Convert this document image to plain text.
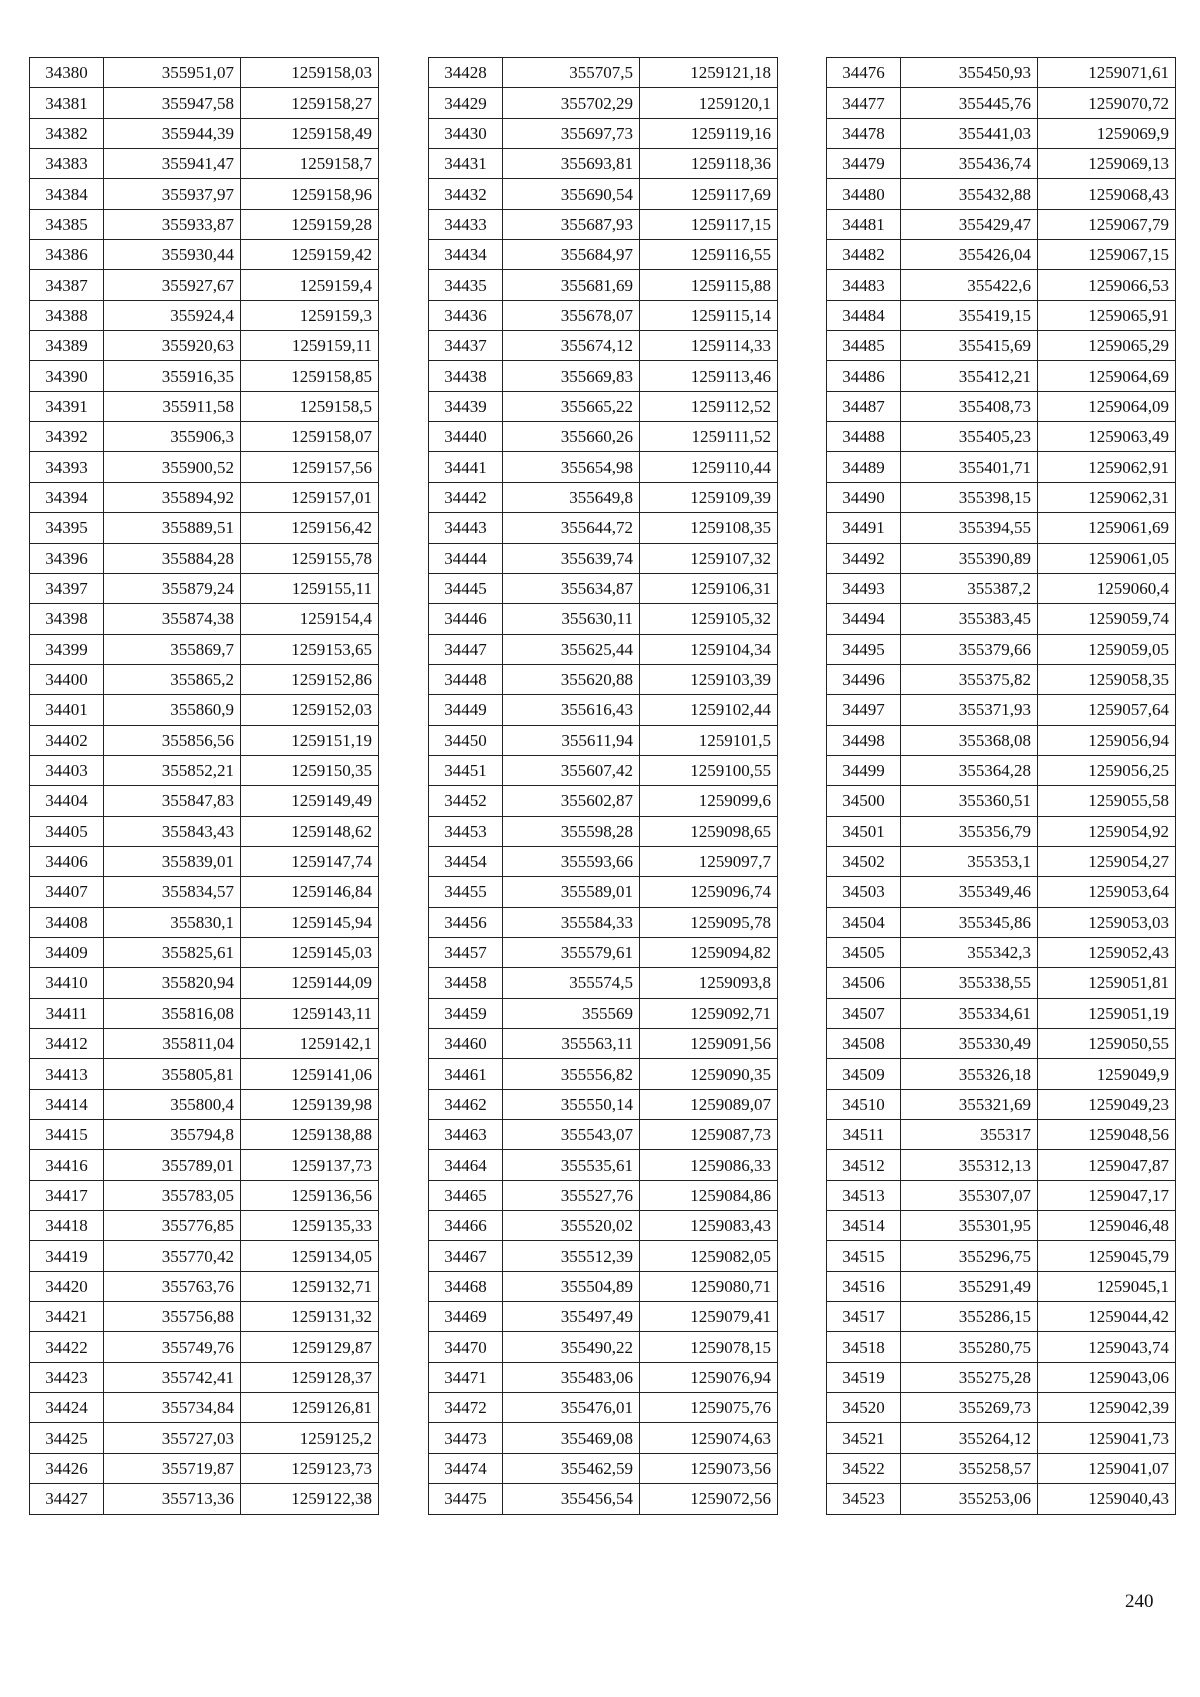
34380	355951,07	1259158,03
34381	355947,58	1259158,27
34382	355944,39	1259158,49
34383	355941,47	1259158,7
34384	355937,97	1259158,96
34385	355933,87	1259159,28
34386	355930,44	1259159,42
34387	355927,67	1259159,4
34388	355924,4	1259159,3
34389	355920,63	1259159,11
34390	355916,35	1259158,85
34391	355911,58	1259158,5
34392	355906,3	1259158,07
34393	355900,52	1259157,56
34394	355894,92	1259157,01
34395	355889,51	1259156,42
34396	355884,28	1259155,78
34397	355879,24	1259155,11
34398	355874,38	1259154,4
34399	355869,7	1259153,65
34400	355865,2	1259152,86
34401	355860,9	1259152,03
34402	355856,56	1259151,19
34403	355852,21	1259150,35
34404	355847,83	1259149,49
34405	355843,43	1259148,62
34406	355839,01	1259147,74
34407	355834,57	1259146,84
34408	355830,1	1259145,94
34409	355825,61	1259145,03
34410	355820,94	1259144,09
34411	355816,08	1259143,11
34412	355811,04	1259142,1
34413	355805,81	1259141,06
34414	355800,4	1259139,98
34415	355794,8	1259138,88
34416	355789,01	1259137,73
34417	355783,05	1259136,56
34418	355776,85	1259135,33
34419	355770,42	1259134,05
34420	355763,76	1259132,71
34421	355756,88	1259131,32
34422	355749,76	1259129,87
34423	355742,41	1259128,37
34424	355734,84	1259126,81
34425	355727,03	1259125,2
34426	355719,87	1259123,73
34427	355713,36	1259122,38
34428	355707,5	1259121,18
34429	355702,29	1259120,1
34430	355697,73	1259119,16
34431	355693,81	1259118,36
34432	355690,54	1259117,69
34433	355687,93	1259117,15
34434	355684,97	1259116,55
34435	355681,69	1259115,88
34436	355678,07	1259115,14
34437	355674,12	1259114,33
34438	355669,83	1259113,46
34439	355665,22	1259112,52
34440	355660,26	1259111,52
34441	355654,98	1259110,44
34442	355649,8	1259109,39
34443	355644,72	1259108,35
34444	355639,74	1259107,32
34445	355634,87	1259106,31
34446	355630,11	1259105,32
34447	355625,44	1259104,34
34448	355620,88	1259103,39
34449	355616,43	1259102,44
34450	355611,94	1259101,5
34451	355607,42	1259100,55
34452	355602,87	1259099,6
34453	355598,28	1259098,65
34454	355593,66	1259097,7
34455	355589,01	1259096,74
34456	355584,33	1259095,78
34457	355579,61	1259094,82
34458	355574,5	1259093,8
34459	355569	1259092,71
34460	355563,11	1259091,56
34461	355556,82	1259090,35
34462	355550,14	1259089,07
34463	355543,07	1259087,73
34464	355535,61	1259086,33
34465	355527,76	1259084,86
34466	355520,02	1259083,43
34467	355512,39	1259082,05
34468	355504,89	1259080,71
34469	355497,49	1259079,41
34470	355490,22	1259078,15
34471	355483,06	1259076,94
34472	355476,01	1259075,76
34473	355469,08	1259074,63
34474	355462,59	1259073,56
34475	355456,54	1259072,56
34476	355450,93	1259071,61
34477	355445,76	1259070,72
34478	355441,03	1259069,9
34479	355436,74	1259069,13
34480	355432,88	1259068,43
34481	355429,47	1259067,79
34482	355426,04	1259067,15
34483	355422,6	1259066,53
34484	355419,15	1259065,91
34485	355415,69	1259065,29
34486	355412,21	1259064,69
34487	355408,73	1259064,09
34488	355405,23	1259063,49
34489	355401,71	1259062,91
34490	355398,15	1259062,31
34491	355394,55	1259061,69
34492	355390,89	1259061,05
34493	355387,2	1259060,4
34494	355383,45	1259059,74
34495	355379,66	1259059,05
34496	355375,82	1259058,35
34497	355371,93	1259057,64
34498	355368,08	1259056,94
34499	355364,28	1259056,25
34500	355360,51	1259055,58
34501	355356,79	1259054,92
34502	355353,1	1259054,27
34503	355349,46	1259053,64
34504	355345,86	1259053,03
34505	355342,3	1259052,43
34506	355338,55	1259051,81
34507	355334,61	1259051,19
34508	355330,49	1259050,55
34509	355326,18	1259049,9
34510	355321,69	1259049,23
34511	355317	1259048,56
34512	355312,13	1259047,87
34513	355307,07	1259047,17
34514	355301,95	1259046,48
34515	355296,75	1259045,79
34516	355291,49	1259045,1
34517	355286,15	1259044,42
34518	355280,75	1259043,74
34519	355275,28	1259043,06
34520	355269,73	1259042,39
34521	355264,12	1259041,73
34522	355258,57	1259041,07
34523	355253,06	1259040,43
240
